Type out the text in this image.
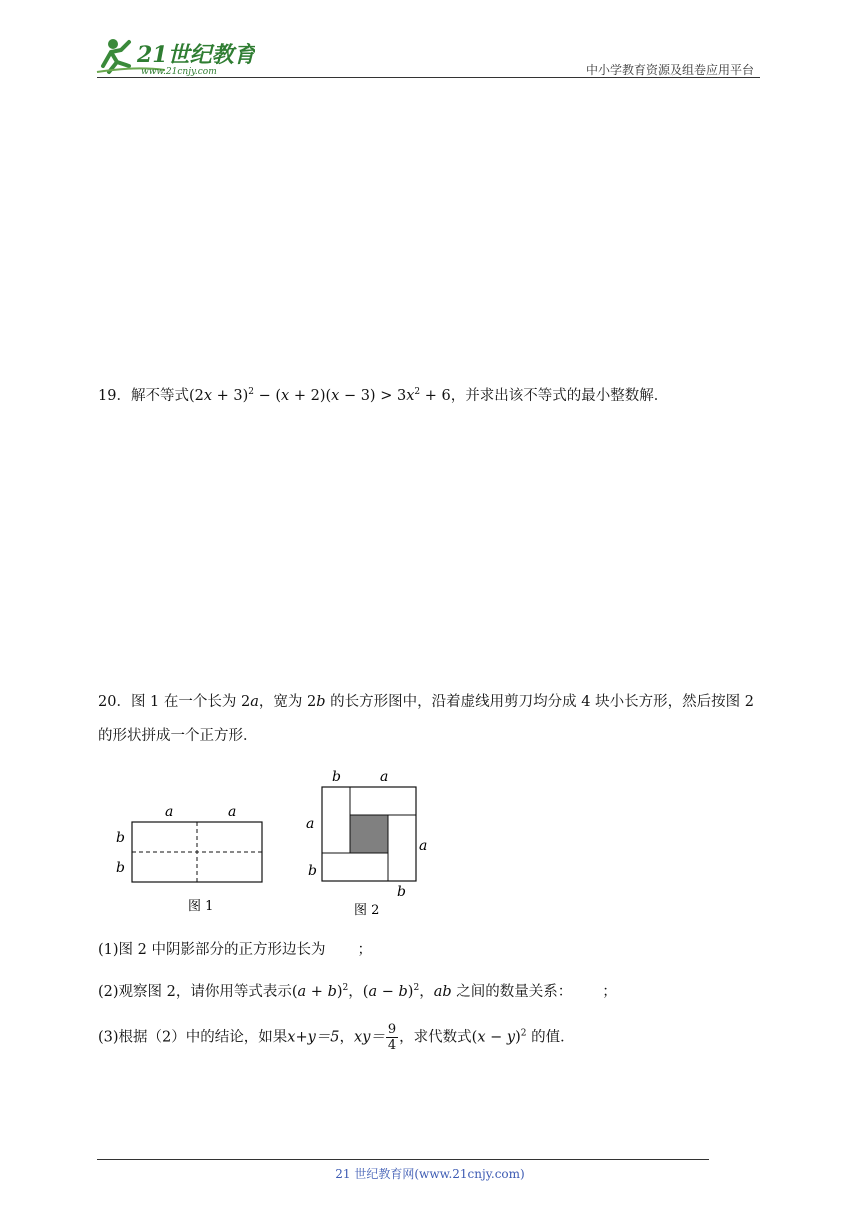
21世纪教育
www.21cnjy.com	中小学教育资源及组卷应用平台
19．解不等式$(2x + 3)^2 - (x + 2)(x - 3) > 3x^2 + 6$，并求出该不等式的最小整数解．
20．图 1 在一个长为 2a，宽为 2b 的长方形图中，沿着虚线用剪刀均分成 4 块小长方形，然后按图 2
的形状拼成一个正方形．
a	a
b
b
图 1
b	a
a
b
a
b
图 2
(1)图 2 中阴影部分的正方形边长为 ；
(2)观察图 2，请你用等式表示$(a + b)^2$，$(a - b)^2$，ab 之间的数量关系： ；
(3)根据（2）中的结论，如果x+y＝5，$xy= \frac{9}{4}$ ，求代数式$(x - y)^2$ 的值．
21 世纪教育网(www.21cnjy.com)
